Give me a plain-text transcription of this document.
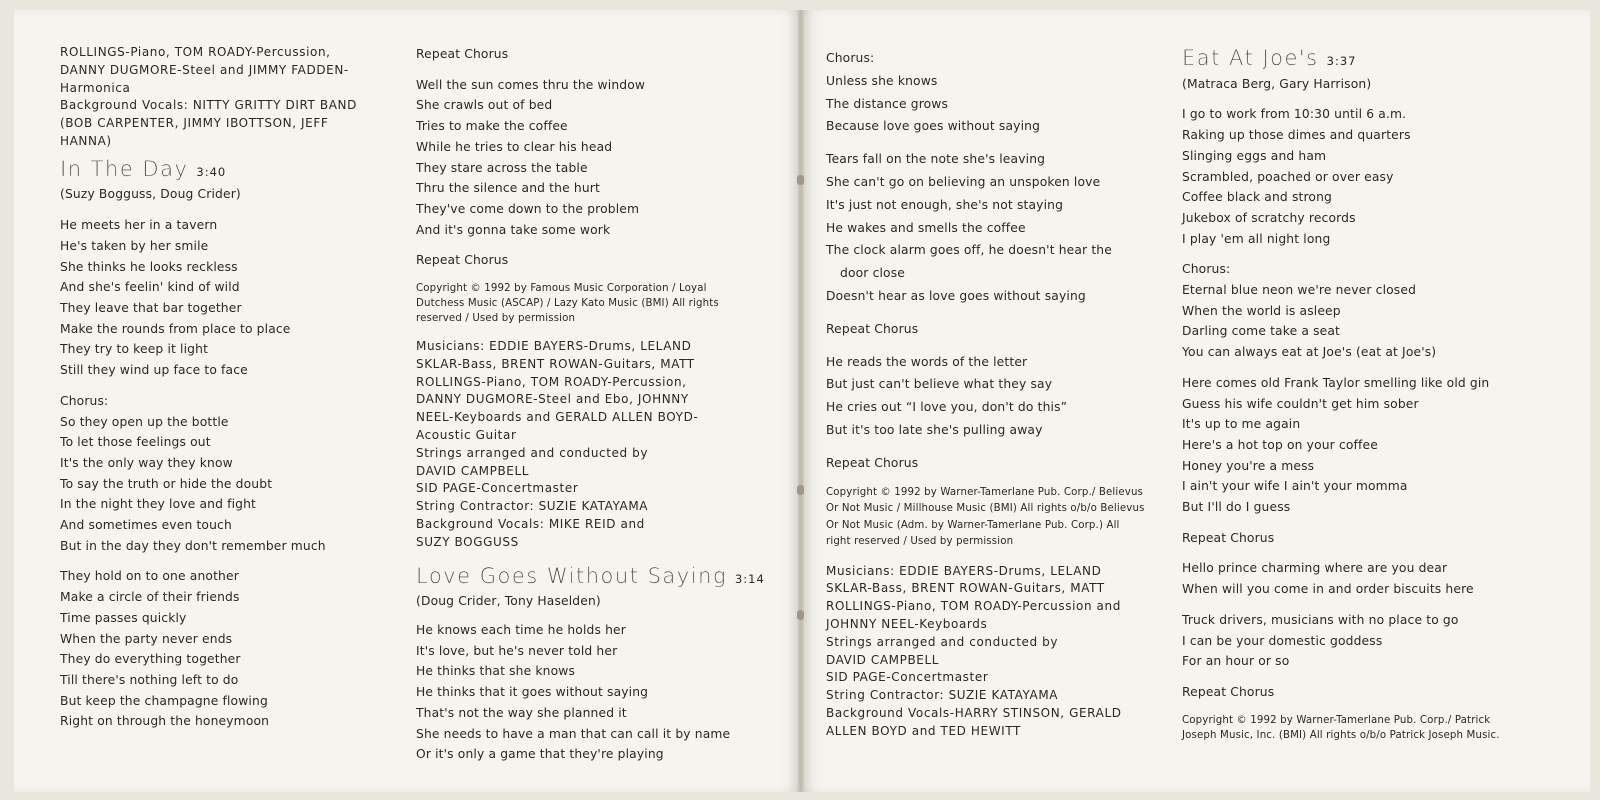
ROLLINGS-Piano, TOM ROADY-Percussion,
DANNY DUGMORE-Steel and JIMMY FADDEN-
Harmonica
Background Vocals: NITTY GRITTY DIRT BAND
(BOB CARPENTER, JIMMY IBOTTSON, JEFF
HANNA)
In The Day 3:40

(Suzy Bogguss, Doug Crider)

He meets her in a tavern
He's taken by her smile
She thinks he looks reckless
And she's feelin' kind of wild
They leave that bar together
Make the rounds from place to place
They try to keep it light
Still they wind up face to face

Chorus:

So they open up the bottle
To let those feelings out
It's the only way they know
To say the truth or hide the doubt
In the night they love and fight
And sometimes even touch
But in the day they don't remember much

They hold on to one another
Make a circle of their friends
Time passes quickly
When the party never ends
They do everything together
Till there's nothing left to do
But keep the champagne flowing
Right on through the honeymoon

Repeat Chorus

Well the sun comes thru the window
She crawls out of bed
Tries to make the coffee
While he tries to clear his head
They stare across the table
Thru the silence and the hurt
They've come down to the problem
And it's gonna take some work

Repeat Chorus

Copyright © 1992 by Famous Music Corporation / Loyal
Dutchess Music (ASCAP) / Lazy Kato Music (BMI) All rights
reserved / Used by permission

Musicians: EDDIE BAYERS-Drums, LELAND
SKLAR-Bass, BRENT ROWAN-Guitars, MATT
ROLLINGS-Piano, TOM ROADY-Percussion,
DANNY DUGMORE-Steel and Ebo, JOHNNY
NEEL-Keyboards and GERALD ALLEN BOYD-
Acoustic Guitar
Strings arranged and conducted by
DAVID CAMPBELL
SID PAGE-Concertmaster
String Contractor: SUZIE KATAYAMA
Background Vocals: MIKE REID and
SUZY BOGGUSS

Love Goes Without Saying 3:14

(Doug Crider, Tony Haselden)

He knows each time he holds her
It's love, but he's never told her
He thinks that she knows
He thinks that it goes without saying
That's not the way she planned it
She needs to have a man that can call it by name
Or it's only a game that they're playing

Chorus:

Unless she knows
The distance grows
Because love goes without saying

Tears fall on the note she's leaving
She can't go on believing an unspoken love
It's just not enough, she's not staying
He wakes and smells the coffee
The clock alarm goes off, he doesn't hear the
door close
Doesn't hear as love goes without saying

Repeat Chorus

He reads the words of the letter
But just can't believe what they say
He cries out “I love you, don't do this”
But it's too late she's pulling away

Repeat Chorus

Copyright © 1992 by Warner-Tamerlane Pub. Corp./ Believus
Or Not Music / Millhouse Music (BMI) All rights o/b/o Believus
Or Not Music (Adm. by Warner-Tamerlane Pub. Corp.) All
right reserved / Used by permission

Musicians: EDDIE BAYERS-Drums, LELAND
SKLAR-Bass, BRENT ROWAN-Guitars, MATT
ROLLINGS-Piano, TOM ROADY-Percussion and
JOHNNY NEEL-Keyboards
Strings arranged and conducted by
DAVID CAMPBELL
SID PAGE-Concertmaster
String Contractor: SUZIE KATAYAMA
Background Vocals-HARRY STINSON, GERALD
ALLEN BOYD and TED HEWITT

Eat At Joe's 3:37

(Matraca Berg, Gary Harrison)

I go to work from 10:30 until 6 a.m.
Raking up those dimes and quarters
Slinging eggs and ham
Scrambled, poached or over easy
Coffee black and strong
Jukebox of scratchy records
I play 'em all night long

Chorus:

Eternal blue neon we're never closed
When the world is asleep
Darling come take a seat
You can always eat at Joe's (eat at Joe's)

Here comes old Frank Taylor smelling like old gin
Guess his wife couldn't get him sober
It's up to me again
Here's a hot top on your coffee
Honey you're a mess
I ain't your wife I ain't your momma
But I'll do I guess

Repeat Chorus

Hello prince charming where are you dear
When will you come in and order biscuits here

Truck drivers, musicians with no place to go
I can be your domestic goddess
For an hour or so

Repeat Chorus

Copyright © 1992 by Warner-Tamerlane Pub. Corp./ Patrick
Joseph Music, Inc. (BMI) All rights o/b/o Patrick Joseph Music.
